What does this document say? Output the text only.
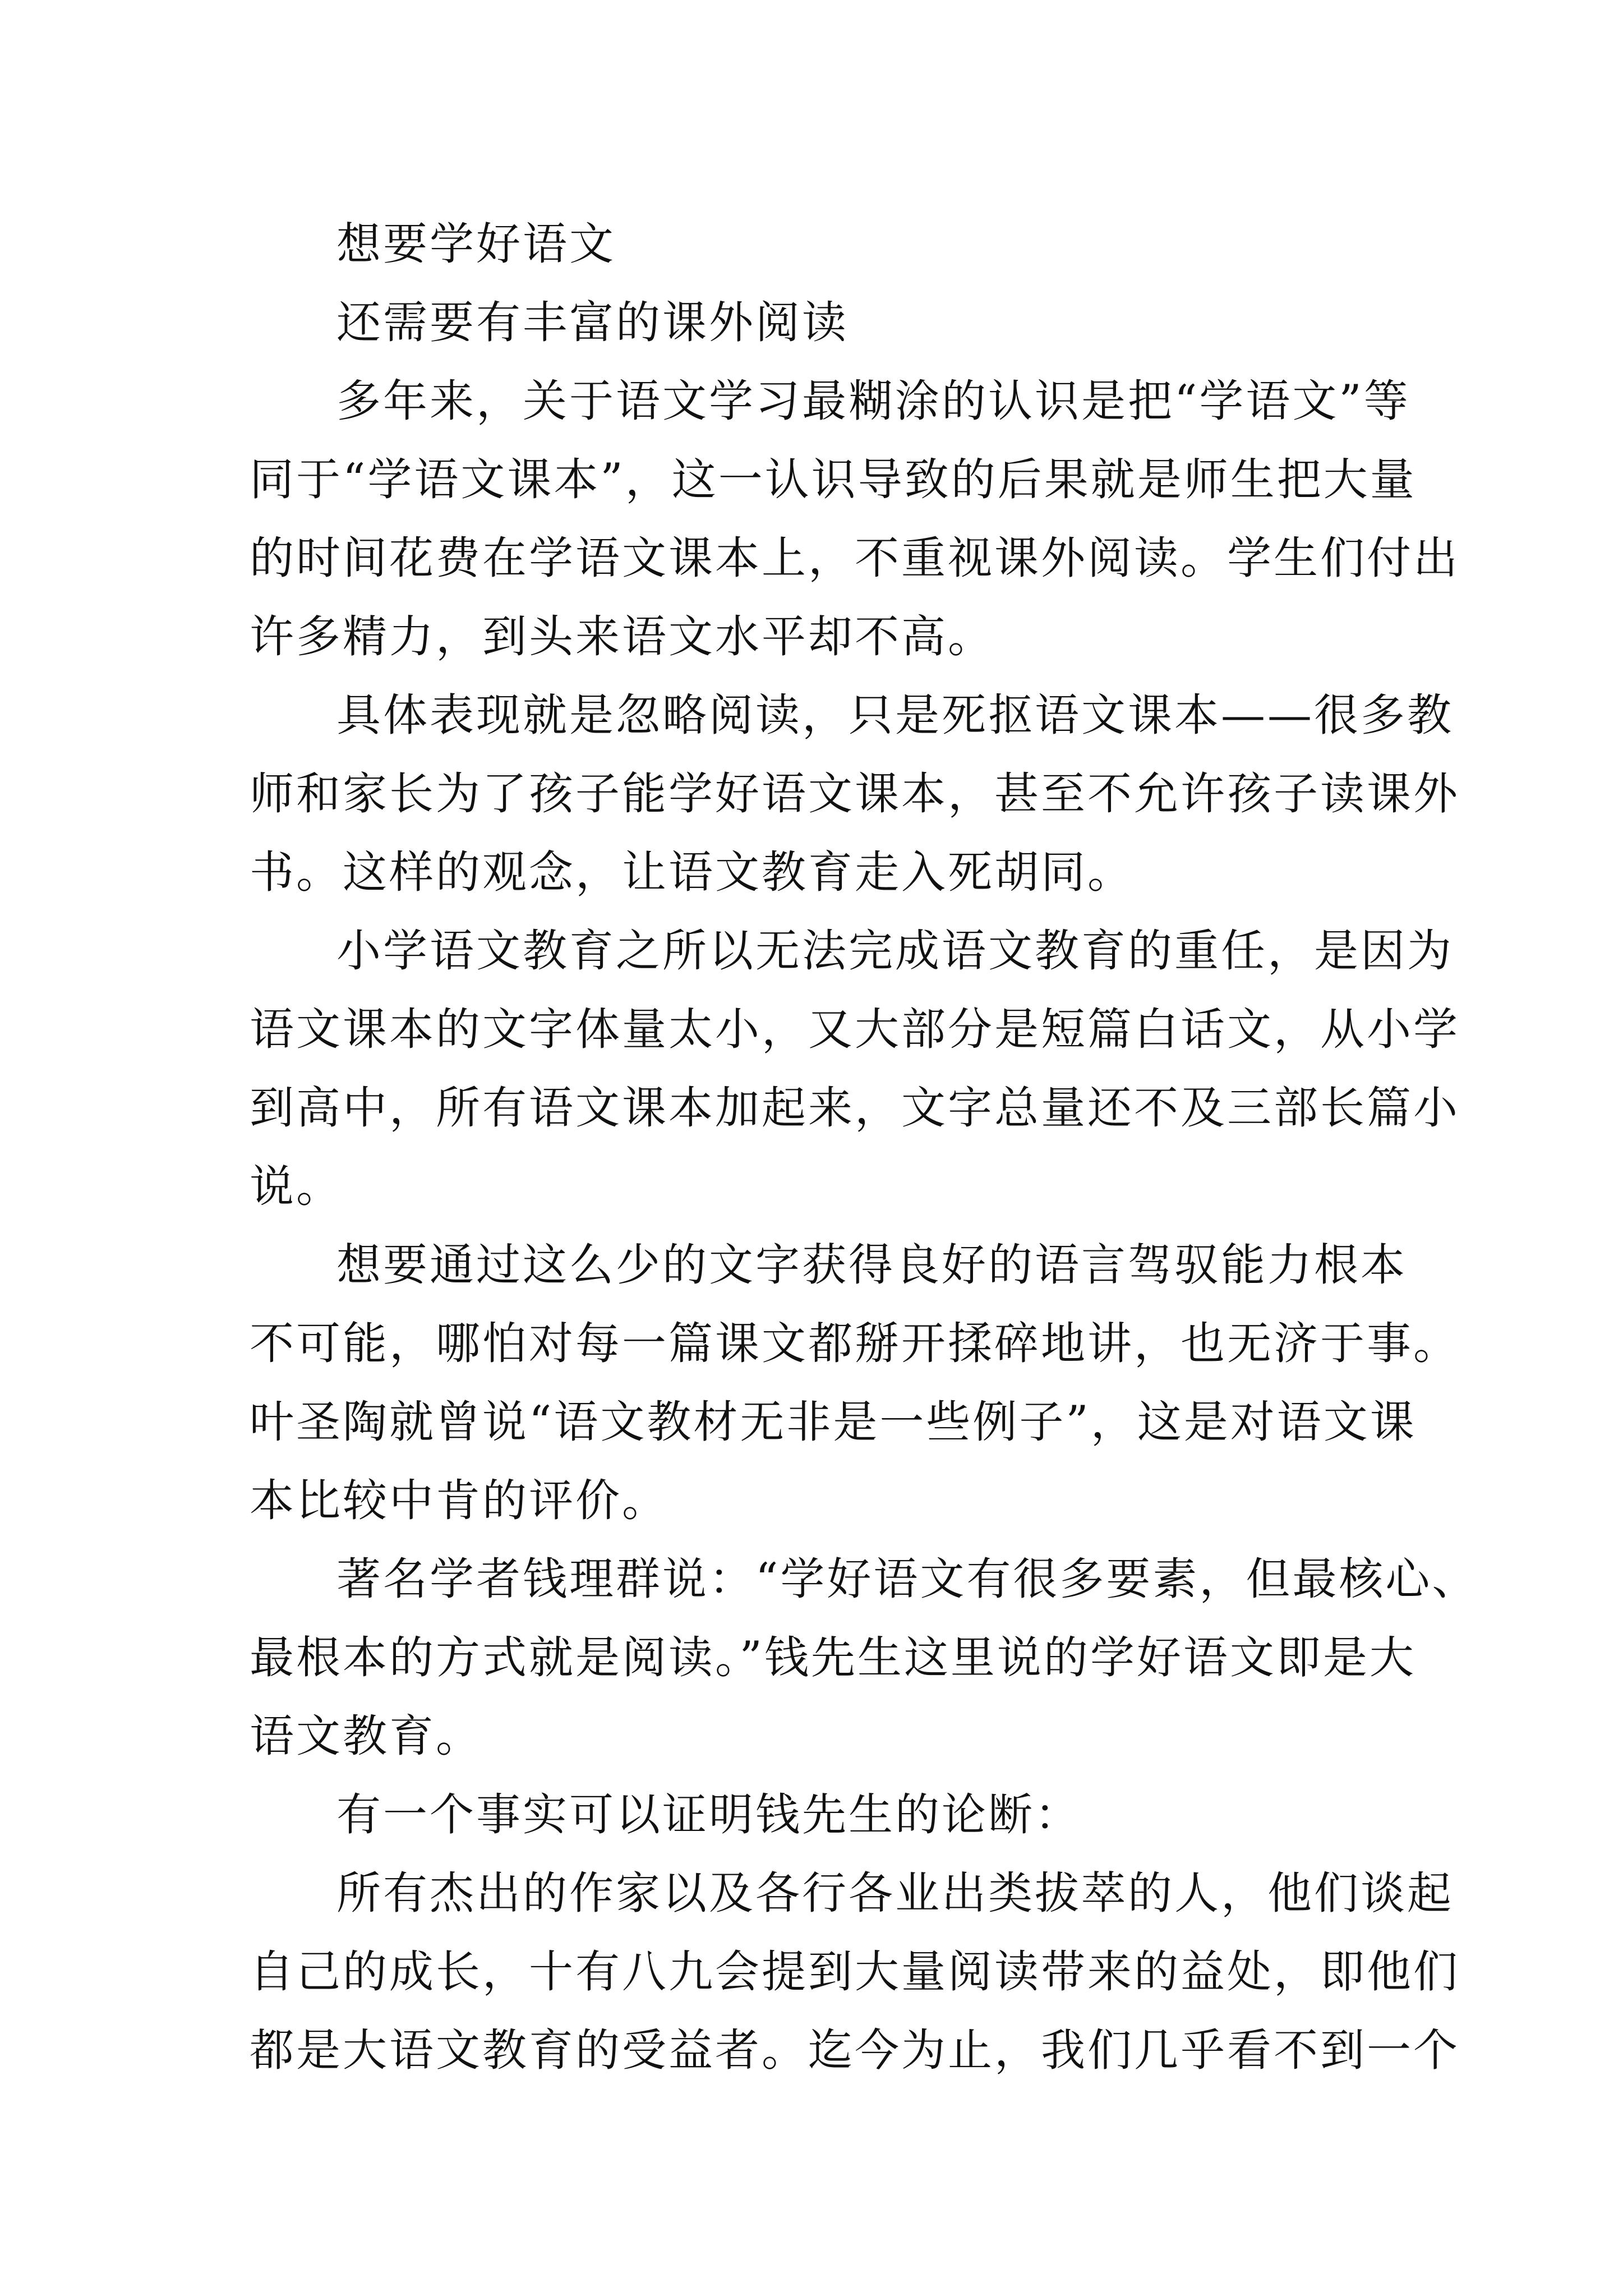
想要学好语文

还需要有丰富的课外阅读

多年来，关于语文学习最糊涂的认识是把“学语文”等

同于“学语文课本”，这一认识导致的后果就是师生把大量

的时间花费在学语文课本上，不重视课外阅读。学生们付出

许多精力，到头来语文水平却不高。

具体表现就是忽略阅读，只是死抠语文课本——很多教

师和家长为了孩子能学好语文课本，甚至不允许孩子读课外

书。这样的观念，让语文教育走入死胡同。

小学语文教育之所以无法完成语文教育的重任，是因为

语文课本的文字体量太小，又大部分是短篇白话文，从小学

到高中，所有语文课本加起来，文字总量还不及三部长篇小

说。

想要通过这么少的文字获得良好的语言驾驭能力根本

不可能，哪怕对每一篇课文都掰开揉碎地讲，也无济于事。

叶圣陶就曾说“语文教材无非是一些例子”，这是对语文课

本比较中肯的评价。

著名学者钱理群说：“学好语文有很多要素，但最核心、

最根本的方式就是阅读。”钱先生这里说的学好语文即是大

语文教育。

有一个事实可以证明钱先生的论断：

所有杰出的作家以及各行各业出类拔萃的人，他们谈起

自己的成长，十有八九会提到大量阅读带来的益处，即他们

都是大语文教育的受益者。迄今为止，我们几乎看不到一个
